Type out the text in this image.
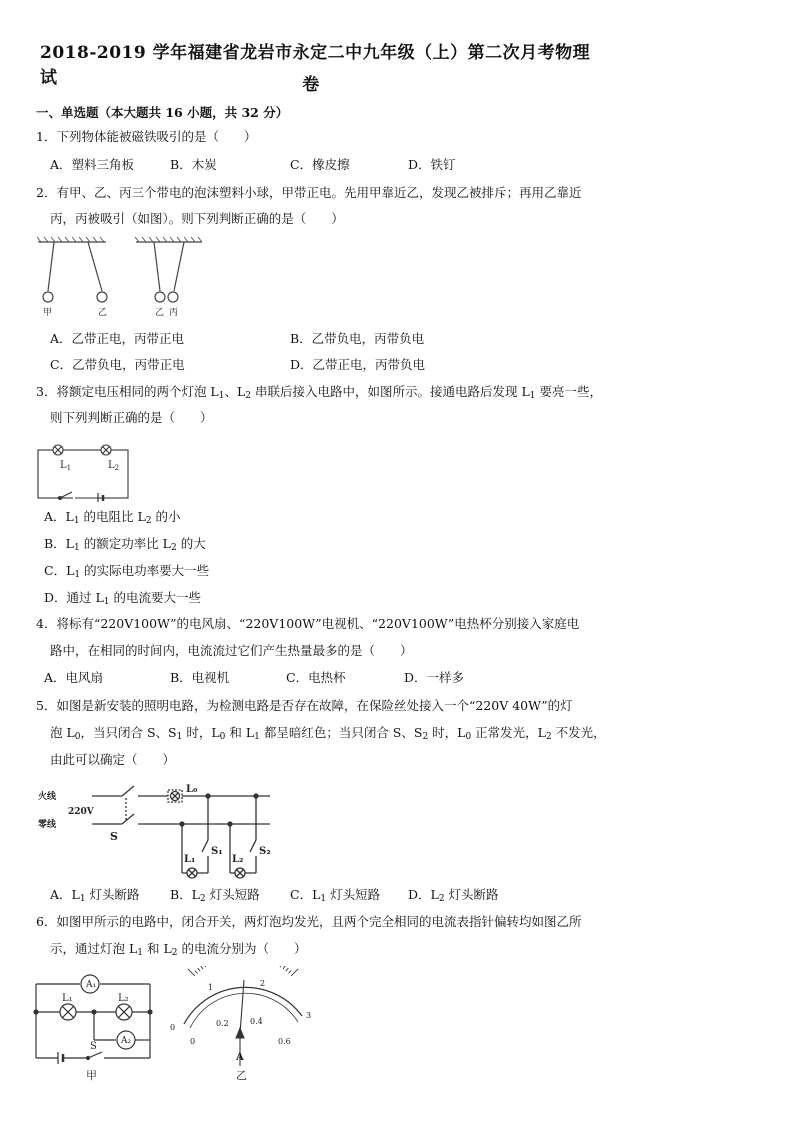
2018-2019 学年福建省龙岩市永定二中九年级（上）第二次月考物理试	卷
一、单选题（本大题共 16 小题，共 32 分）
1．下列物体能被磁铁吸引的是（　　）
A．塑料三角板	B．木炭	C．橡皮擦	D．铁钉
2．有甲、乙、丙三个带电的泡沫塑料小球，甲带正电。先用甲靠近乙，发现乙被排斥；再用乙靠近
丙，丙被吸引（如图）。则下列判断正确的是（　　）
甲	乙	乙 丙
A．乙带正电，丙带正电	B．乙带负电，丙带负电
C．乙带负电，丙带正电	D．乙带正电，丙带负电
3．将额定电压相同的两个灯泡 $L_1$、$L_2$ 串联后接入电路中，如图所示。接通电路后发现 $L_1$ 要亮一些，
则下列判断正确的是（　　）
$L_1$	$L_2$
A．$L_1$ 的电阻比 $L_2$ 的小
B．$L_1$ 的额定功率比 $L_2$ 的大
C．$L_1$ 的实际电功率要大一些
D．通过 $L_1$ 的电流要大一些
4．将标有“220V100W”的电风扇、“220V100W”电视机、“220V100W”电热杯分别接入家庭电
路中，在相同的时间内，电流流过它们产生热量最多的是（　　）
A．电风扇	B．电视机	C．电热杯	D．一样多
5．如图是新安装的照明电路，为检测电路是否存在故障，在保险丝处接入一个“220V 40W”的灯
泡 $L_0$，当只闭合 S、$S_1$ 时，$L_0$ 和 $L_1$ 都呈暗红色；当只闭合 S、$S_2$ 时，$L_0$ 正常发光，$L_2$ 不发光，
由此可以确定（　　）
火线
零线
220V
S
L₀
L₁
S₁
L₂
S₂
A．$L_1$ 灯头断路 B．$L_2$ 灯头短路 C．$L_1$ 灯头短路 D．$L_2$ 灯头断路
6．如图甲所示的电路中，闭合开关，两灯泡均发光，且两个完全相同的电流表指针偏转均如图乙所
示，通过灯泡 $L_1$ 和 $L_2$ 的电流分别为（　　）
A₁
A₂
L₁	L₂
S
甲
0
1	2
3
0
0.2	0.4
0.6
A
乙
